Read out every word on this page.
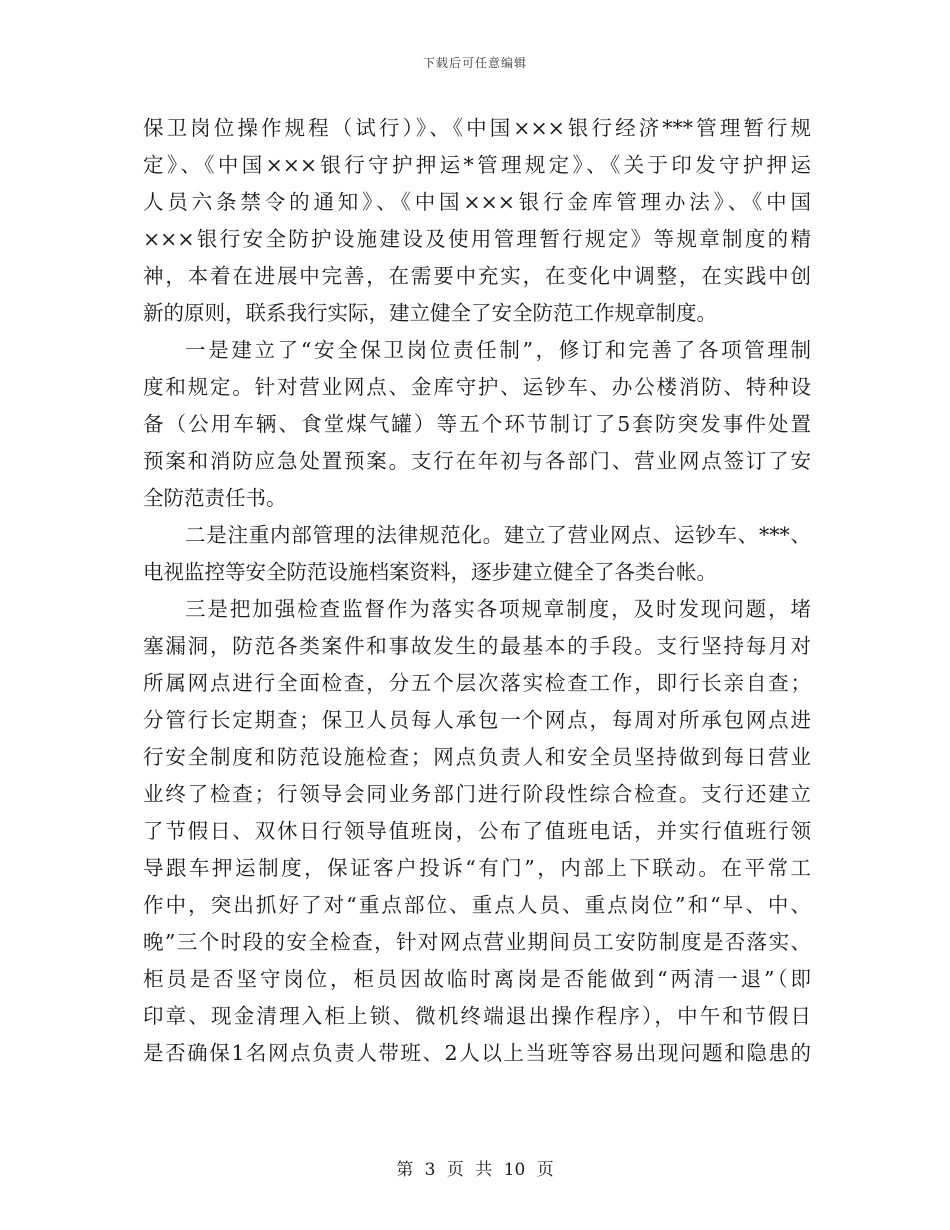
下载后可任意编辑
保卫岗位操作规程（试行）》、《中国×××银行经济***管理暂行规
定》、《中国×××银行守护押运*管理规定》、《关于印发守护押运
人员六条禁令的通知》、《中国×××银行金库管理办法》、《中国
×××银行安全防护设施建设及使用管理暂行规定》等规章制度的精
神，本着在进展中完善，在需要中充实，在变化中调整，在实践中创
新的原则，联系我行实际，建立健全了安全防范工作规章制度。
一是建立了“安全保卫岗位责任制”，修订和完善了各项管理制
度和规定。针对营业网点、金库守护、运钞车、办公楼消防、特种设
备（公用车辆、食堂煤气罐）等五个环节制订了5套防突发事件处置
预案和消防应急处置预案。支行在年初与各部门、营业网点签订了安
全防范责任书。
二是注重内部管理的法律规范化。建立了营业网点、运钞车、***、
电视监控等安全防范设施档案资料，逐步建立健全了各类台帐。
三是把加强检查监督作为落实各项规章制度，及时发现问题，堵
塞漏洞，防范各类案件和事故发生的最基本的手段。支行坚持每月对
所属网点进行全面检查，分五个层次落实检查工作，即行长亲自查；
分管行长定期查；保卫人员每人承包一个网点，每周对所承包网点进
行安全制度和防范设施检查；网点负责人和安全员坚持做到每日营业
业终了检查；行领导会同业务部门进行阶段性综合检查。支行还建立
了节假日、双休日行领导值班岗，公布了值班电话，并实行值班行领
导跟车押运制度，保证客户投诉“有门”，内部上下联动。在平常工
作中，突出抓好了对“重点部位、重点人员、重点岗位”和“早、中、
晚”三个时段的安全检查，针对网点营业期间员工安防制度是否落实、
柜员是否坚守岗位，柜员因故临时离岗是否能做到“两清一退”（即
印章、现金清理入柜上锁、微机终端退出操作程序），中午和节假日
是否确保1名网点负责人带班、2人以上当班等容易出现问题和隐患的
第 3 页 共 10 页
